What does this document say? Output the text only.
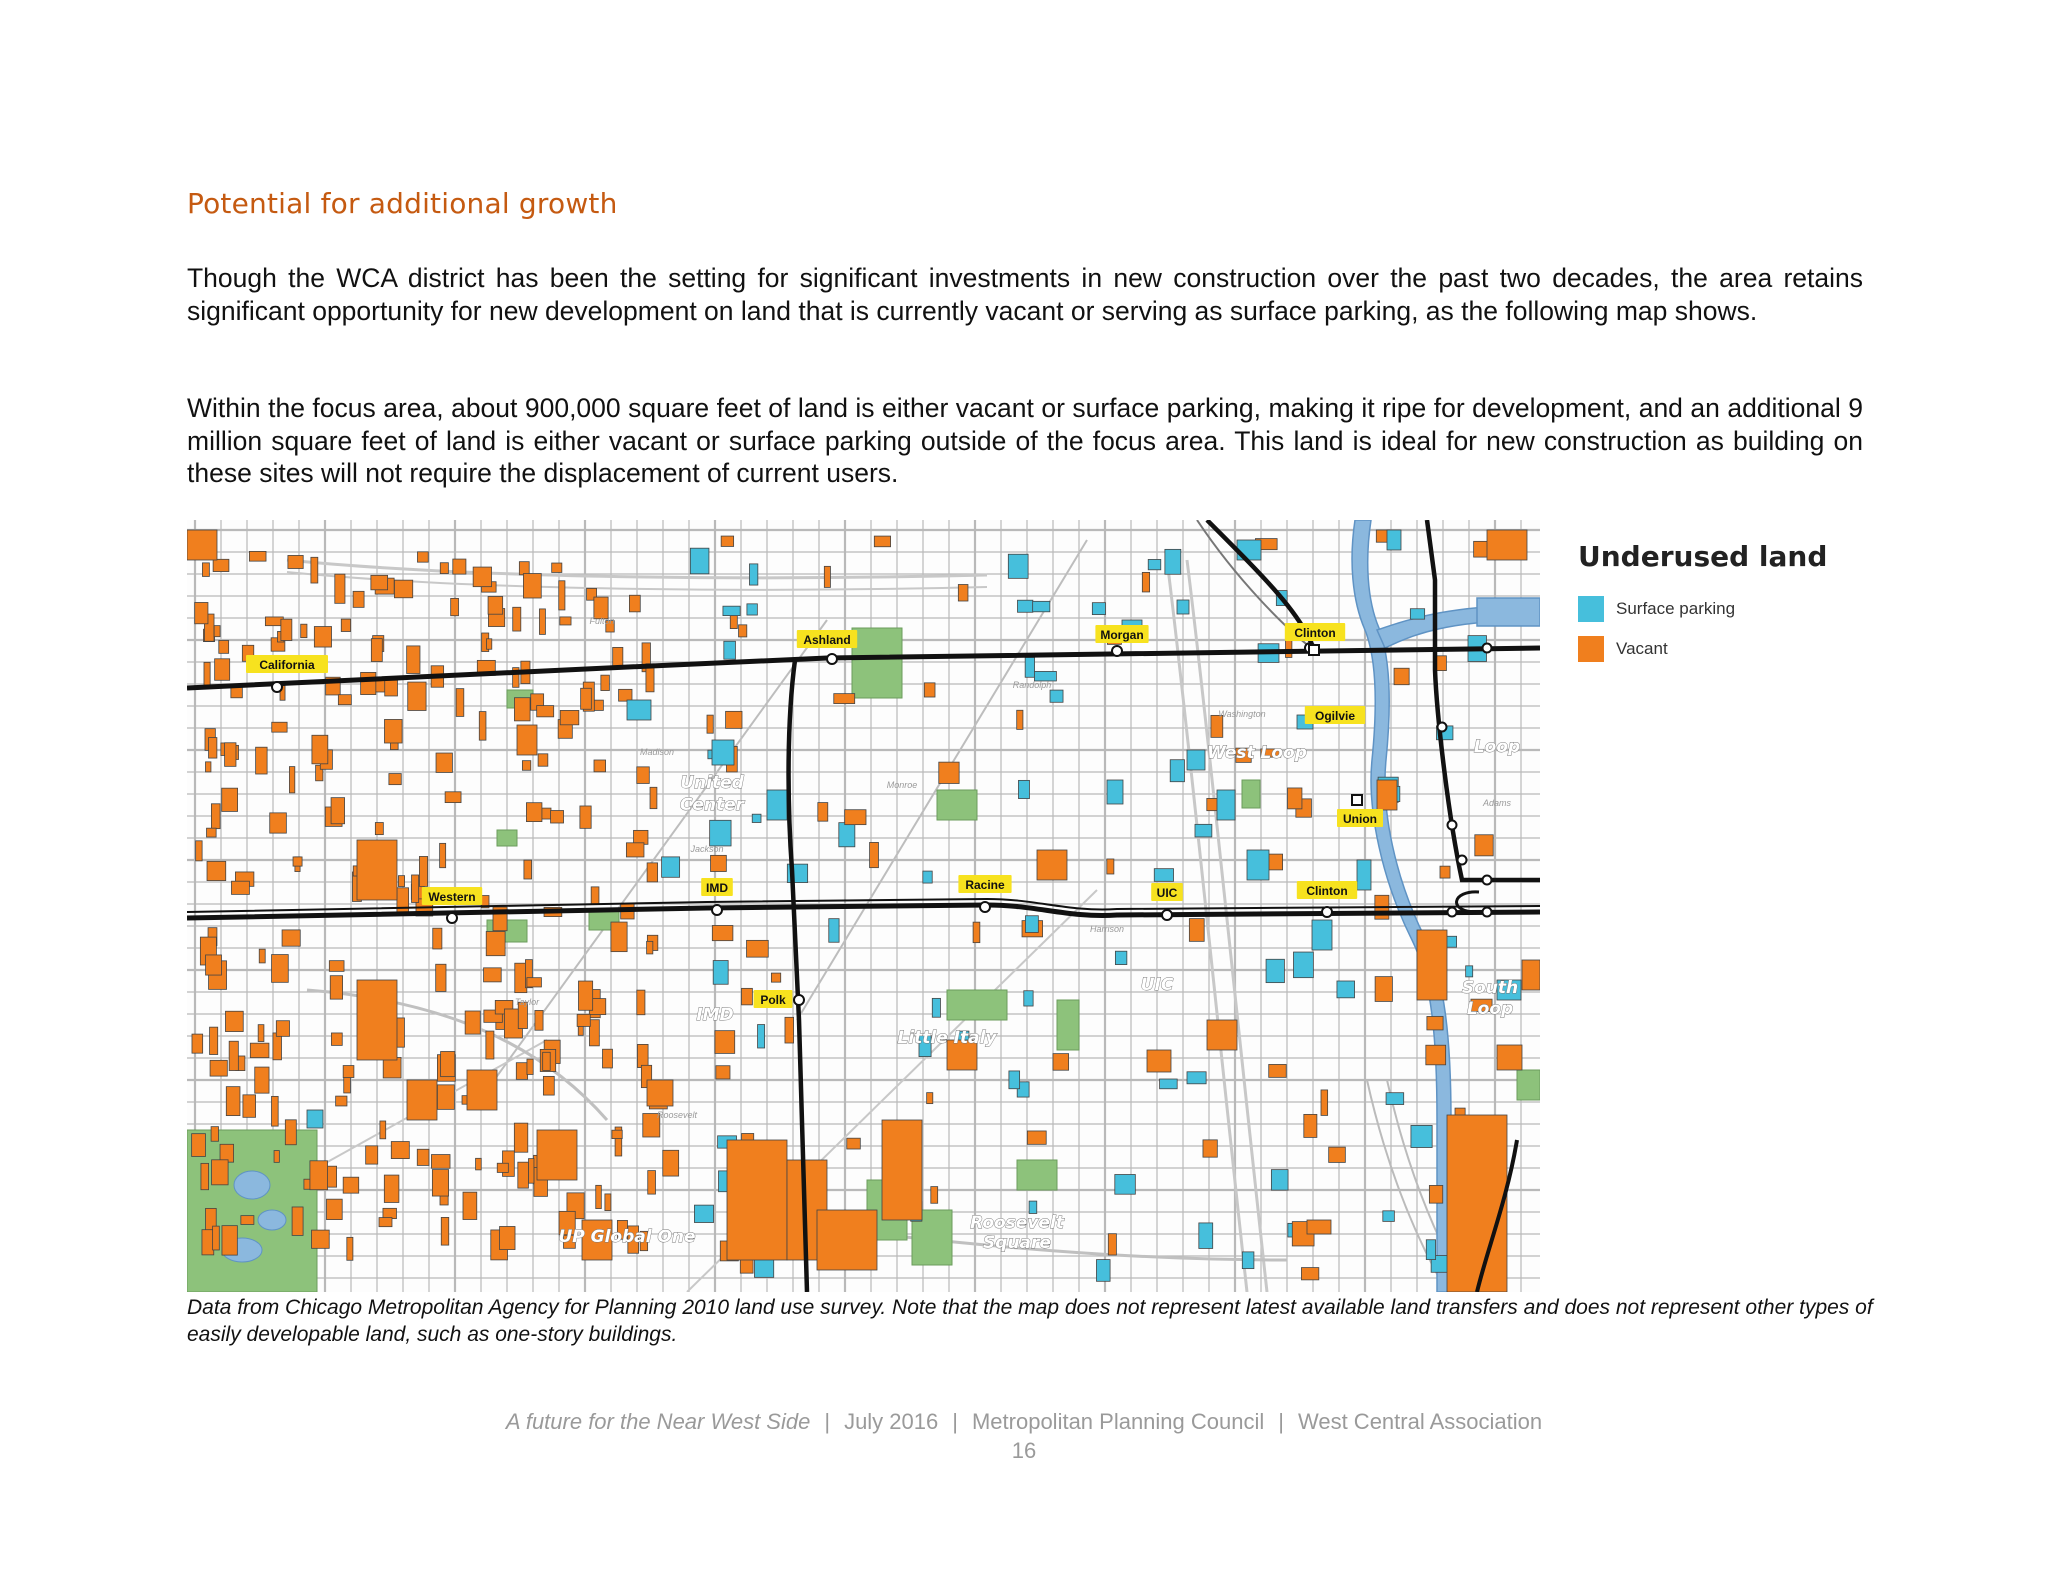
Potential for additional growth

Though the WCA district has been the setting for significant investments in new construction over the past two decades, the area retains significant opportunity for new development on land that is currently vacant or serving as surface parking, as the following map shows.

Within the focus area, about 900,000 square feet of land is either vacant or surface parking, making it ripe for development, and an additional 9 million square feet of land is either vacant or surface parking outside of the focus area. This land is ideal for new construction as building on these sites will not require the displacement of current users.

Fulton
Randolph
Washington
Madison
Monroe
Adams
Jackson
Harrison
Taylor
Roosevelt
United
Center
West Loop	Loop
IMD
Little Italy
UIC	South
Loop
Roosevelt
Square
UP Global One
California
Ashland	Morgan	Clinton
Ogilvie
Union
Western
IMD	Racine
UIC	Clinton
Polk
Underused land
Surface parking
Vacant

Data from Chicago Metropolitan Agency for Planning 2010 land use survey. Note that the map does not represent latest available land transfers and does not represent other types of easily developable land, such as one-story buildings.

A future for the Near West Side | July 2016 | Metropolitan Planning Council | West Central Association
16
